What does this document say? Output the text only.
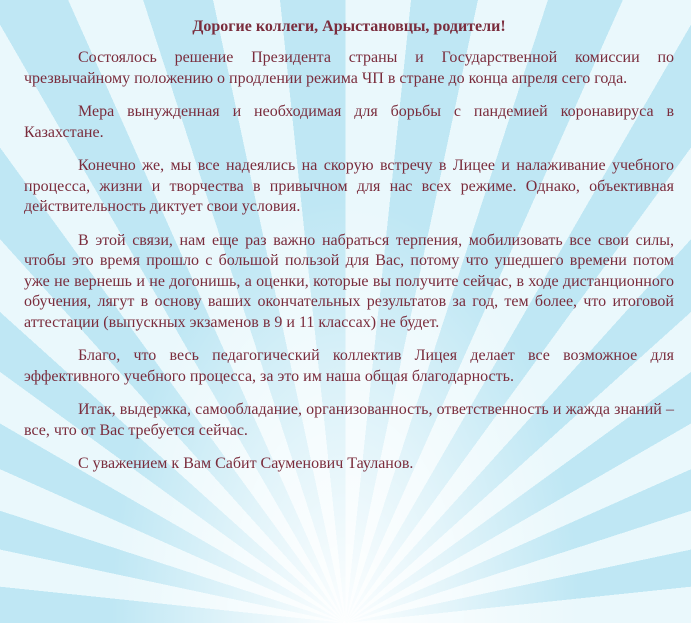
Дорогие коллеги, Арыстановцы, родители!

Состоялось решение Президента страны и Государственной комиссии по чрезвычайному положению о продлении режима ЧП в стране до конца апреля сего года.

Мера вынужденная и необходимая для борьбы с пандемией коронавируса в Казахстане.

Конечно же, мы все надеялись на скорую встречу в Лицее и налаживание учебного процесса, жизни и творчества в привычном для нас всех режиме. Однако, объективная действительность диктует свои условия.

В этой связи, нам еще раз важно набраться терпения, мобилизовать все свои силы, чтобы это время прошло с большой пользой для Вас, потому что ушедшего времени потом уже не вернешь и не догонишь, а оценки, которые вы получите сейчас, в ходе дистанционного обучения, лягут в основу ваших окончательных результатов за год, тем более, что итоговой аттестации (выпускных экзаменов в 9 и 11 классах) не будет.

Благо, что весь педагогический коллектив Лицея делает все возможное для эффективного учебного процесса, за это им наша общая благодарность.

Итак, выдержка, самообладание, организованность, ответственность и жажда знаний – все, что от Вас требуется сейчас.

С уважением к Вам Сабит Сауменович Тауланов.
